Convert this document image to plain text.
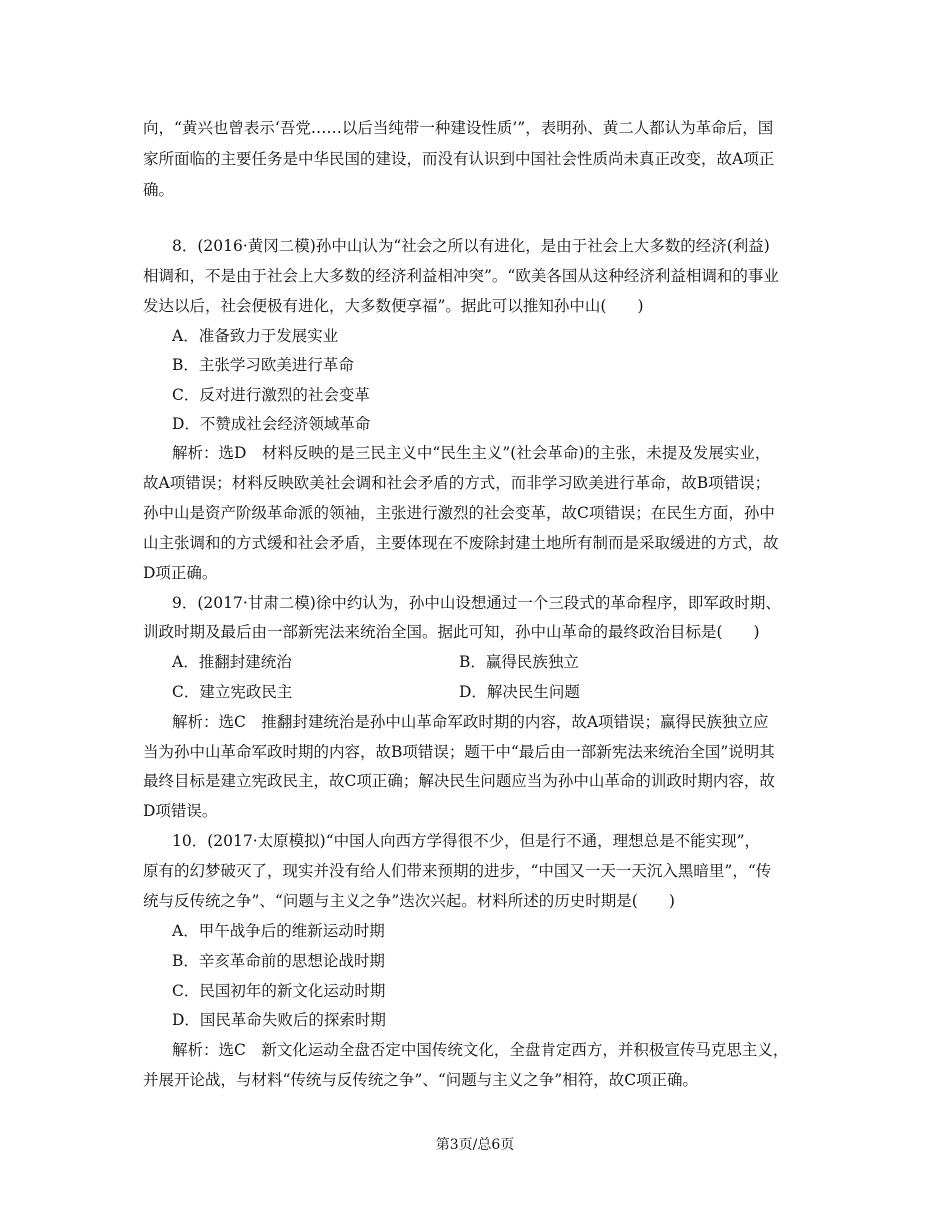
向，“黄兴也曾表示‘吾党……以后当纯带一种建设性质’”，表明孙、黄二人都认为革命后，国
家所面临的主要任务是中华民国的建设，而没有认识到中国社会性质尚未真正改变，故A项正
确。
8．(2016·黄冈二模)孙中山认为“社会之所以有进化，是由于社会上大多数的经济(利益)
相调和，不是由于社会上大多数的经济利益相冲突”。“欧美各国从这种经济利益相调和的事业
发达以后，社会便极有进化，大多数便享福”。据此可以推知孙中山(　　)
A．准备致力于发展实业
B．主张学习欧美进行革命
C．反对进行激烈的社会变革
D．不赞成社会经济领域革命
解析：选D　材料反映的是三民主义中“民生主义”(社会革命)的主张，未提及发展实业，
故A项错误；材料反映欧美社会调和社会矛盾的方式，而非学习欧美进行革命，故B项错误；
孙中山是资产阶级革命派的领袖，主张进行激烈的社会变革，故C项错误；在民生方面，孙中
山主张调和的方式缓和社会矛盾，主要体现在不废除封建土地所有制而是采取缓进的方式，故
D项正确。
9．(2017·甘肃二模)徐中约认为，孙中山设想通过一个三段式的革命程序，即军政时期、
训政时期及最后由一部新宪法来统治全国。据此可知，孙中山革命的最终政治目标是(　　)
A．推翻封建统治	B．赢得民族独立
C．建立宪政民主	D．解决民生问题
解析：选C　推翻封建统治是孙中山革命军政时期的内容，故A项错误；赢得民族独立应
当为孙中山革命军政时期的内容，故B项错误；题干中“最后由一部新宪法来统治全国”说明其
最终目标是建立宪政民主，故C项正确；解决民生问题应当为孙中山革命的训政时期内容，故
D项错误。
10．(2017·太原模拟)“中国人向西方学得很不少，但是行不通，理想总是不能实现”，
原有的幻梦破灭了，现实并没有给人们带来预期的进步，“中国又一天一天沉入黑暗里”，“传
统与反传统之争”、“问题与主义之争”迭次兴起。材料所述的历史时期是(　　)
A．甲午战争后的维新运动时期
B．辛亥革命前的思想论战时期
C．民国初年的新文化运动时期
D．国民革命失败后的探索时期
解析：选C　新文化运动全盘否定中国传统文化，全盘肯定西方，并积极宣传马克思主义，
并展开论战，与材料“传统与反传统之争”、“问题与主义之争”相符，故C项正确。
第3页/总6页
